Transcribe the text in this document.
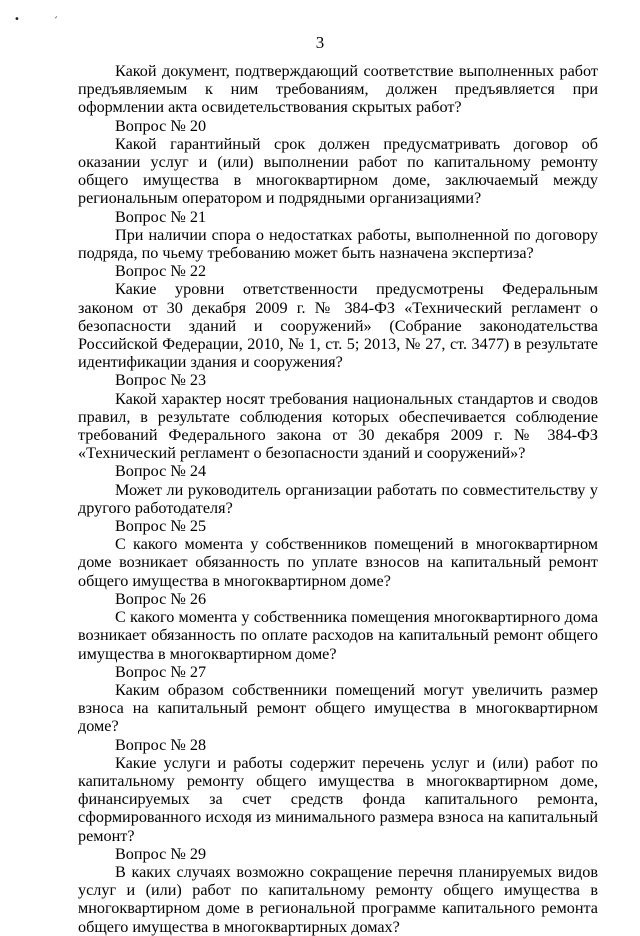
•	׳
3

Какой документ, подтверждающий соответствие выполненных работ предъявляемым к ним требованиям, должен предъявляется при оформлении акта освидетельствования скрытых работ?

Вопрос № 20

Какой гарантийный срок должен предусматривать договор об оказании услуг и (или) выполнении работ по капитальному ремонту общего имущества в многоквартирном доме, заключаемый между региональным оператором и подрядными организациями?

Вопрос № 21

При наличии спора о недостатках работы, выполненной по договору подряда, по чьему требованию может быть назначена экспертиза?

Вопрос № 22

Какие уровни ответственности предусмотрены Федеральным законом от 30 декабря 2009 г. № 384-ФЗ «Технический регламент о безопасности зданий и сооружений» (Собрание законодательства Российской Федерации, 2010, № 1, ст. 5; 2013, № 27, ст. 3477) в результате идентификации здания и сооружения?

Вопрос № 23

Какой характер носят требования национальных стандартов и сводов правил, в результате соблюдения которых обеспечивается соблюдение требований Федерального закона от 30 декабря 2009 г. № 384-ФЗ «Технический регламент о безопасности зданий и сооружений»?

Вопрос № 24

Может ли руководитель организации работать по совместительству у другого работодателя?

Вопрос № 25

С какого момента у собственников помещений в многоквартирном доме возникает обязанность по уплате взносов на капитальный ремонт общего имущества в многоквартирном доме?

Вопрос № 26

С какого момента у собственника помещения многоквартирного дома возникает обязанность по оплате расходов на капитальный ремонт общего имущества в многоквартирном доме?

Вопрос № 27

Каким образом собственники помещений могут увеличить размер взноса на капитальный ремонт общего имущества в многоквартирном доме?

Вопрос № 28

Какие услуги и работы содержит перечень услуг и (или) работ по капитальному ремонту общего имущества в многоквартирном доме, финансируемых за счет средств фонда капитального ремонта, сформированного исходя из минимального размера взноса на капитальный ремонт?

Вопрос № 29

В каких случаях возможно сокращение перечня планируемых видов услуг и (или) работ по капитальному ремонту общего имущества в многоквартирном доме в региональной программе капитального ремонта общего имущества в многоквартирных домах?
